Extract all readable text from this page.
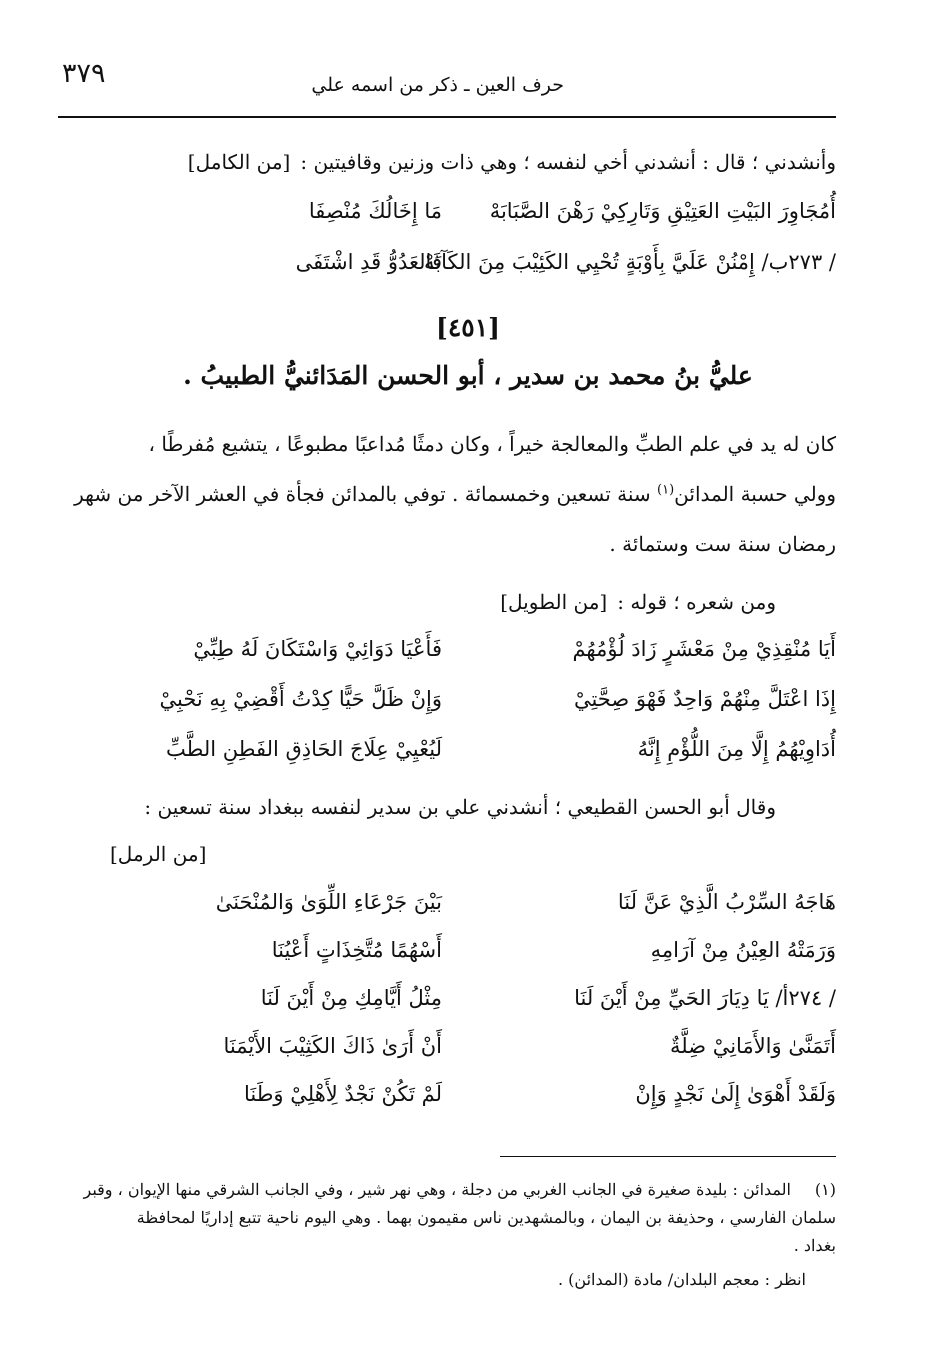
٣٧٩	حرف العين ـ ذكر من اسمه علي
وأنشدني ؛ قال : أنشدني أخي لنفسه ؛ وهي ذات وزنين وقافيتين :[من الكامل]
أُمُجَاوِرَ البَيْتِ العَتِيْقِ وَتَارِكِيْ رَهْنَ الصَّبَابَهْ
مَا إِخَالُكَ مُنْصِفَا
/ ٢٧٣ب/ إِمْنُنْ عَلَيَّ بِأَوْبَةٍ تُحْيِي الكَئِيْبَ مِنَ الكَآبَهْ
فَالعَدُوُّ قَدِ اشْتَفَى
[٤٥١]
عليُّ بنُ محمد بن سدير ، أبو الحسن المَدَائنيُّ الطبيبُ .
كان له يد في علم الطبِّ والمعالجة خيراً ، وكان دمثًا مُداعبًا مطبوعًا ، يتشيع مُفرطًا ،
وولي حسبة المدائن$^{(١)}$ سنة تسعين وخمسمائة . توفي بالمدائن فجأة في العشر الآخر من شهر
رمضان سنة ست وستمائة .
ومن شعره ؛ قوله :[من الطويل]
أَيَا مُنْقِذِيْ مِنْ مَعْشَرٍ زَادَ لُؤْمُهُمْ
فَأَعْيَا دَوَائِيْ وَاسْتَكَانَ لَهُ طِبِّيْ
إِذَا اعْتَلَّ مِنْهُمْ وَاحِدٌ فَهْوَ صِحَّتِيْ
وَإِنْ ظَلَّ حَيًّا كِدْتُ أَقْضِيْ بِهِ نَحْبِيْ
أُدَاوِيْهُمُ إِلَّا مِنَ اللُّؤْمِ إِنَّهُ
لَيُعْيِيْ عِلَاجَ الحَاذِقِ الفَطِنِ الطَّبِّ
وقال أبو الحسن القطيعي ؛ أنشدني علي بن سدير لنفسه ببغداد سنة تسعين :
[من الرمل]
هَاجَهُ السِّرْبُ الَّذِيْ عَنَّ لَنَا
بَيْنَ جَرْعَاءِ اللِّوَىٰ وَالمُنْحَنَىٰ
وَرَمَتْهُ العِيْنُ مِنْ آرَامِهِ
أَسْهُمًا مُتَّخِذَاتٍ أَعْيُنَا
/ ٢٧٤أ/ يَا دِيَارَ الحَيِّ مِنْ أَيْنَ لَنَا
مِثْلُ أَيَّامِكِ مِنْ أَيْنَ لَنَا
أَتَمَنَّىٰ وَالأَمَانِيْ ضِلَّةٌ
أَنْ أَرَىٰ ذَاكَ الكَثِيْبَ الأَيْمَنَا
وَلَقَدْ أَهْوَىٰ إِلَىٰ نَجْدٍ وَإِنْ
لَمْ تَكُنْ نَجْدٌ لِأَهْلِيْ وَطَنَا
(١)
المدائن : بليدة صغيرة في الجانب الغربي من دجلة ، وهي نهر شير ، وفي الجانب الشرقي منها الإيوان ، وقبر
سلمان الفارسي ، وحذيفة بن اليمان ، وبالمشهدين ناس مقيمون بهما . وهي اليوم ناحية تتبع إداريًا لمحافظة
بغداد .
انظر : معجم البلدان/ مادة (المدائن) .
